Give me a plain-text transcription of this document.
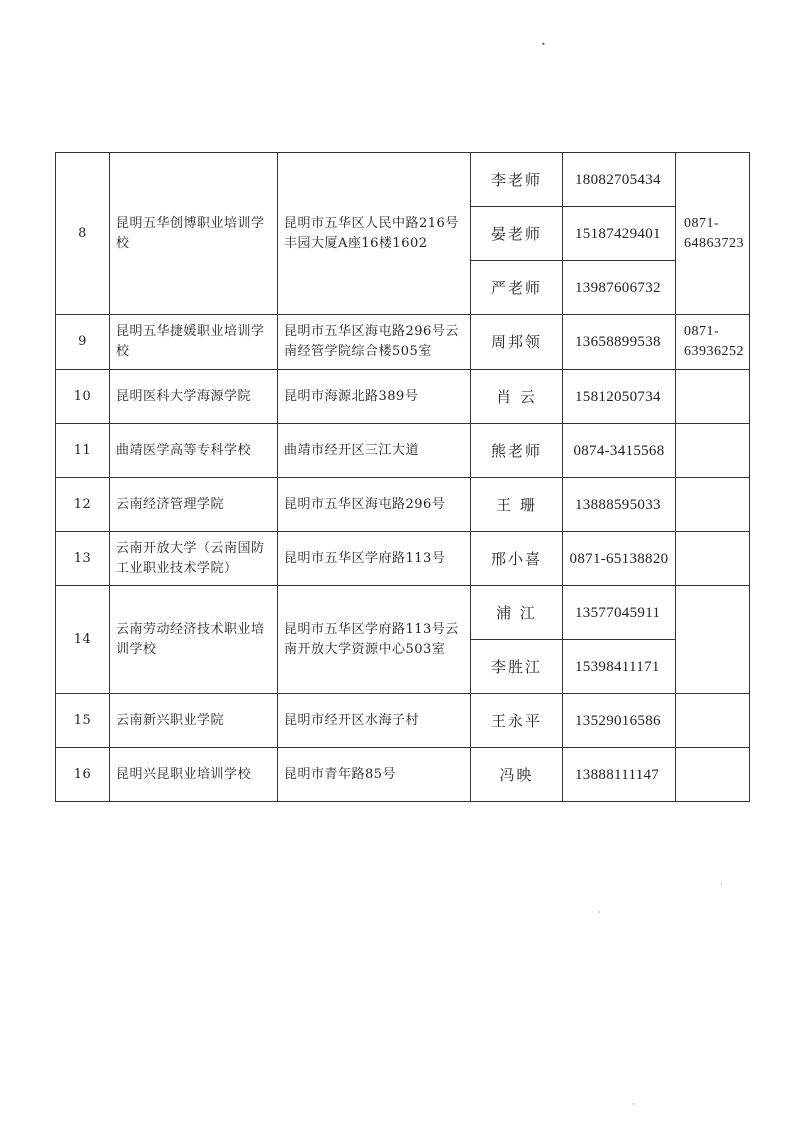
8	昆明五华创博职业培训学校	昆明市五华区人民中路216号丰园大厦A座16楼1602	李老师	18082705434	0871-64863723
			晏老师	15187429401	
			严老师	13987606732	
9	昆明五华捷媛职业培训学校	昆明市五华区海屯路296号云南经管学院综合楼505室	周邦领	13658899538	0871-63936252
10	昆明医科大学海源学院	昆明市海源北路389号	肖 云	15812050734	
11	曲靖医学高等专科学校	曲靖市经开区三江大道	熊老师	0874-3415568	
12	云南经济管理学院	昆明市五华区海屯路296号	王 珊	13888595033	
13	云南开放大学（云南国防工业职业技术学院）	昆明市五华区学府路113号	邢小喜	0871-65138820	
14	云南劳动经济技术职业培训学校	昆明市五华区学府路113号云南开放大学资源中心503室	浦 江	13577045911	
			李胜江	15398411171	
15	云南新兴职业学院	昆明市经开区水海子村	王永平	13529016586	
16	昆明兴昆职业培训学校	昆明市青年路85号	冯映	13888111147	
•
·
·
·
